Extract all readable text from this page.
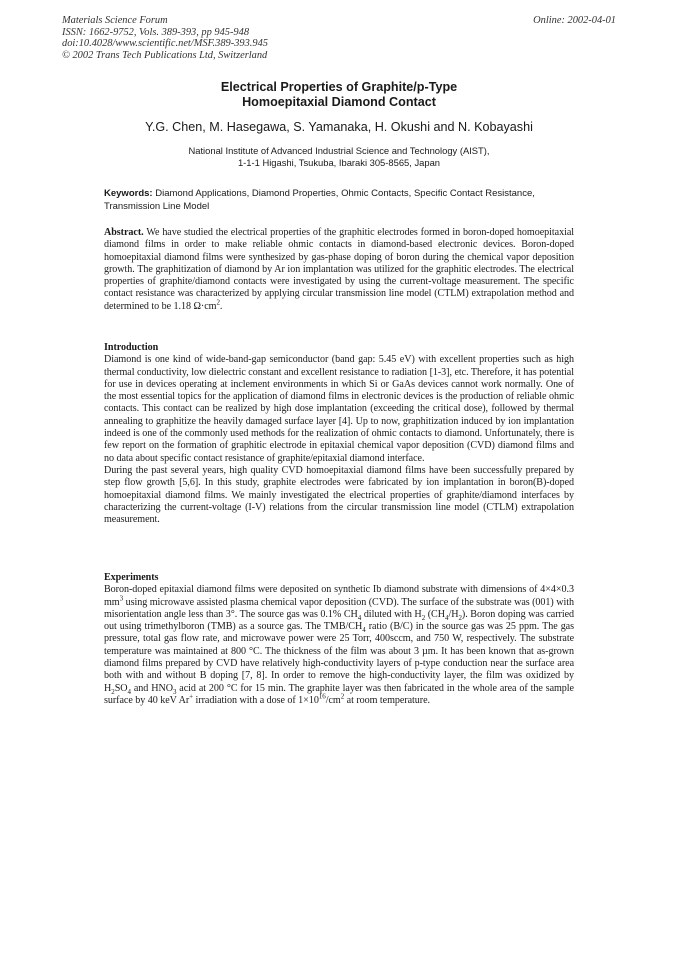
Materials Science Forum
ISSN: 1662-9752, Vols. 389-393, pp 945-948
doi:10.4028/www.scientific.net/MSF.389-393.945
© 2002 Trans Tech Publications Ltd, Switzerland
Online: 2002-04-01
Electrical Properties of Graphite/p-Type
Homoepitaxial Diamond Contact
Y.G. Chen, M. Hasegawa, S. Yamanaka, H. Okushi and N. Kobayashi
National Institute of Advanced Industrial Science and Technology (AIST),
1-1-1 Higashi, Tsukuba, Ibaraki 305-8565, Japan
Keywords: Diamond Applications, Diamond Properties, Ohmic Contacts, Specific Contact Resistance, Transmission Line Model

Abstract. We have studied the electrical properties of the graphitic electrodes formed in boron-doped homoepitaxial diamond films in order to make reliable ohmic contacts in diamond-based electronic devices. Boron-doped homoepitaxial diamond films were synthesized by gas-phase doping of boron during the chemical vapor deposition growth. The graphitization of diamond by Ar ion implantation was utilized for the graphitic electrodes. The electrical properties of graphite/diamond contacts were investigated by using the current-voltage measurement. The specific contact resistance was characterized by applying circular transmission line model (CTLM) extrapolation method and determined to be 1.18 $\Omega\cdot cm^2$.

Introduction

Diamond is one kind of wide-band-gap semiconductor (band gap: 5.45 eV) with excellent properties such as high thermal conductivity, low dielectric constant and excellent resistance to radiation [1-3], etc. Therefore, it has potential for use in devices operating at inclement environments in which Si or GaAs devices cannot work normally. One of the most essential topics for the application of diamond films in electronic devices is the production of reliable ohmic contacts. This contact can be realized by high dose implantation (exceeding the critical dose), followed by thermal annealing to graphitize the heavily damaged surface layer [4]. Up to now, graphitization induced by ion implantation indeed is one of the commonly used methods for the realization of ohmic contacts to diamond. Unfortunately, there is few report on the formation of graphitic electrode in epitaxial chemical vapor deposition (CVD) diamond films and no data about specific contact resistance of graphite/epitaxial diamond interface.

During the past several years, high quality CVD homoepitaxial diamond films have been successfully prepared by step flow growth [5,6]. In this study, graphite electrodes were fabricated by ion implantation in boron(B)-doped homoepitaxial diamond films. We mainly investigated the electrical properties of graphite/diamond interfaces by characterizing the current-voltage (I-V) relations from the circular transmission line model (CTLM) extrapolation measurement.

Experiments

Boron-doped epitaxial diamond films were deposited on synthetic Ib diamond substrate with dimensions of 4×4×0.3 $mm^3$ using microwave assisted plasma chemical vapor deposition (CVD). The surface of the substrate was (001) with misorientation angle less than 3°. The source gas was 0.1% $CH_4$ diluted with $H_2$ $(CH_4/H_2)$. Boron doping was carried out using trimethylboron (TMB) as a source gas. The TMB/$CH_4$ ratio (B/C) in the source gas was 25 ppm. The gas pressure, total gas flow rate, and microwave power were 25 Torr, 400sccm, and 750 W, respectively. The substrate temperature was maintained at 800 °C. The thickness of the film was about 3 µm. It has been known that as-grown diamond films prepared by CVD have relatively high-conductivity layers of p-type conduction near the surface area both with and without B doping [7, 8]. In order to remove the high-conductivity layer, the film was oxidized by $H_2SO_4$ and $HNO_3$ acid at 200 °C for 15 min. The graphite layer was then fabricated in the whole area of the sample surface by 40 keV Ar+ irradiation with a dose of $1\times 10^{16}/cm^2$ at room temperature.
